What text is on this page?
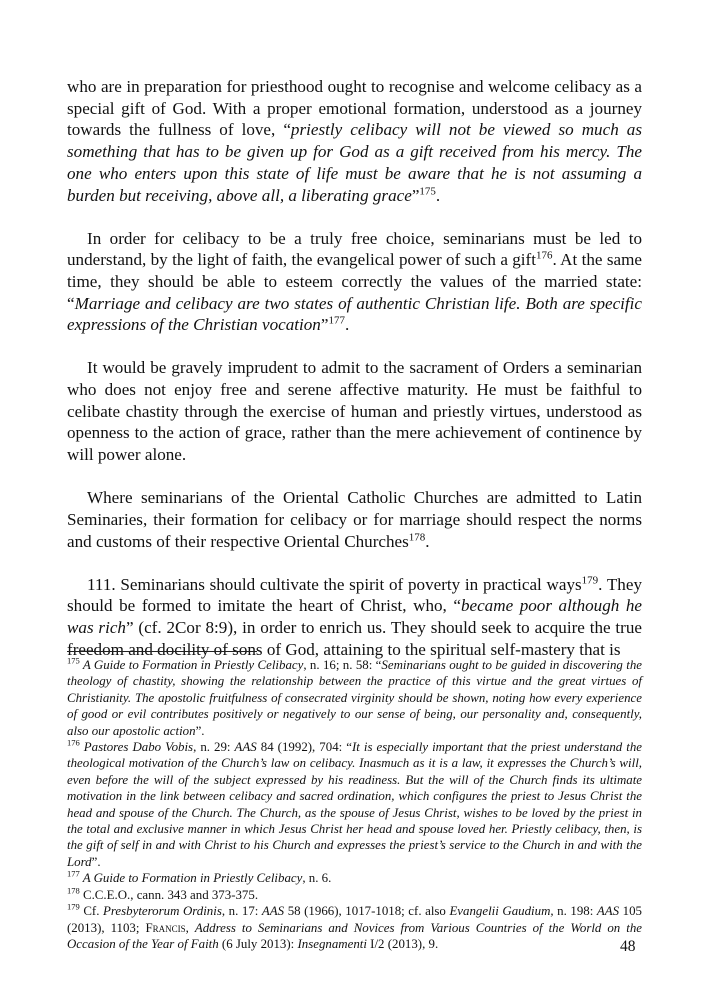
who are in preparation for priesthood ought to recognise and welcome celibacy as a special gift of God. With a proper emotional formation, understood as a journey towards the fullness of love, “priestly celibacy will not be viewed so much as something that has to be given up for God as a gift received from his mercy. The one who enters upon this state of life must be aware that he is not assuming a burden but receiving, above all, a liberating grace”$^{175}$.

In order for celibacy to be a truly free choice, seminarians must be led to understand, by the light of faith, the evangelical power of such a gift$^{176}$. At the same time, they should be able to esteem correctly the values of the married state: “Marriage and celibacy are two states of authentic Christian life. Both are specific expressions of the Christian vocation”$^{177}$.

It would be gravely imprudent to admit to the sacrament of Orders a seminarian who does not enjoy free and serene affective maturity. He must be faithful to celibate chastity through the exercise of human and priestly virtues, understood as openness to the action of grace, rather than the mere achievement of continence by will power alone.

Where seminarians of the Oriental Catholic Churches are admitted to Latin Seminaries, their formation for celibacy or for marriage should respect the norms and customs of their respective Oriental Churches$^{178}$.

111. Seminarians should cultivate the spirit of poverty in practical ways$^{179}$. They should be formed to imitate the heart of Christ, who, “became poor although he was rich” (cf. 2Cor 8:9), in order to enrich us. They should seek to acquire the true freedom and docility of sons of God, attaining to the spiritual self-mastery that is

$^{175}$ A Guide to Formation in Priestly Celibacy, n. 16; n. 58: “Seminarians ought to be guided in discovering the theology of chastity, showing the relationship between the practice of this virtue and the great virtues of Christianity. The apostolic fruitfulness of consecrated virginity should be shown, noting how every experience of good or evil contributes positively or negatively to our sense of being, our personality and, consequently, also our apostolic action”.

$^{176}$ Pastores Dabo Vobis, n. 29: AAS 84 (1992), 704: “It is especially important that the priest understand the theological motivation of the Church’s law on celibacy. Inasmuch as it is a law, it expresses the Church’s will, even before the will of the subject expressed by his readiness. But the will of the Church finds its ultimate motivation in the link between celibacy and sacred ordination, which configures the priest to Jesus Christ the head and spouse of the Church. The Church, as the spouse of Jesus Christ, wishes to be loved by the priest in the total and exclusive manner in which Jesus Christ her head and spouse loved her. Priestly celibacy, then, is the gift of self in and with Christ to his Church and expresses the priest’s service to the Church in and with the Lord”.

$^{177}$ A Guide to Formation in Priestly Celibacy, n. 6.

$^{178}$ C.C.E.O., cann. 343 and 373-375.

$^{179}$ Cf. Presbyterorum Ordinis, n. 17: AAS 58 (1966), 1017-1018; cf. also Evangelii Gaudium, n. 198: AAS 105 (2013), 1103; Francis, Address to Seminarians and Novices from Various Countries of the World on the Occasion of the Year of Faith (6 July 2013): Insegnamenti I/2 (2013), 9.	48
